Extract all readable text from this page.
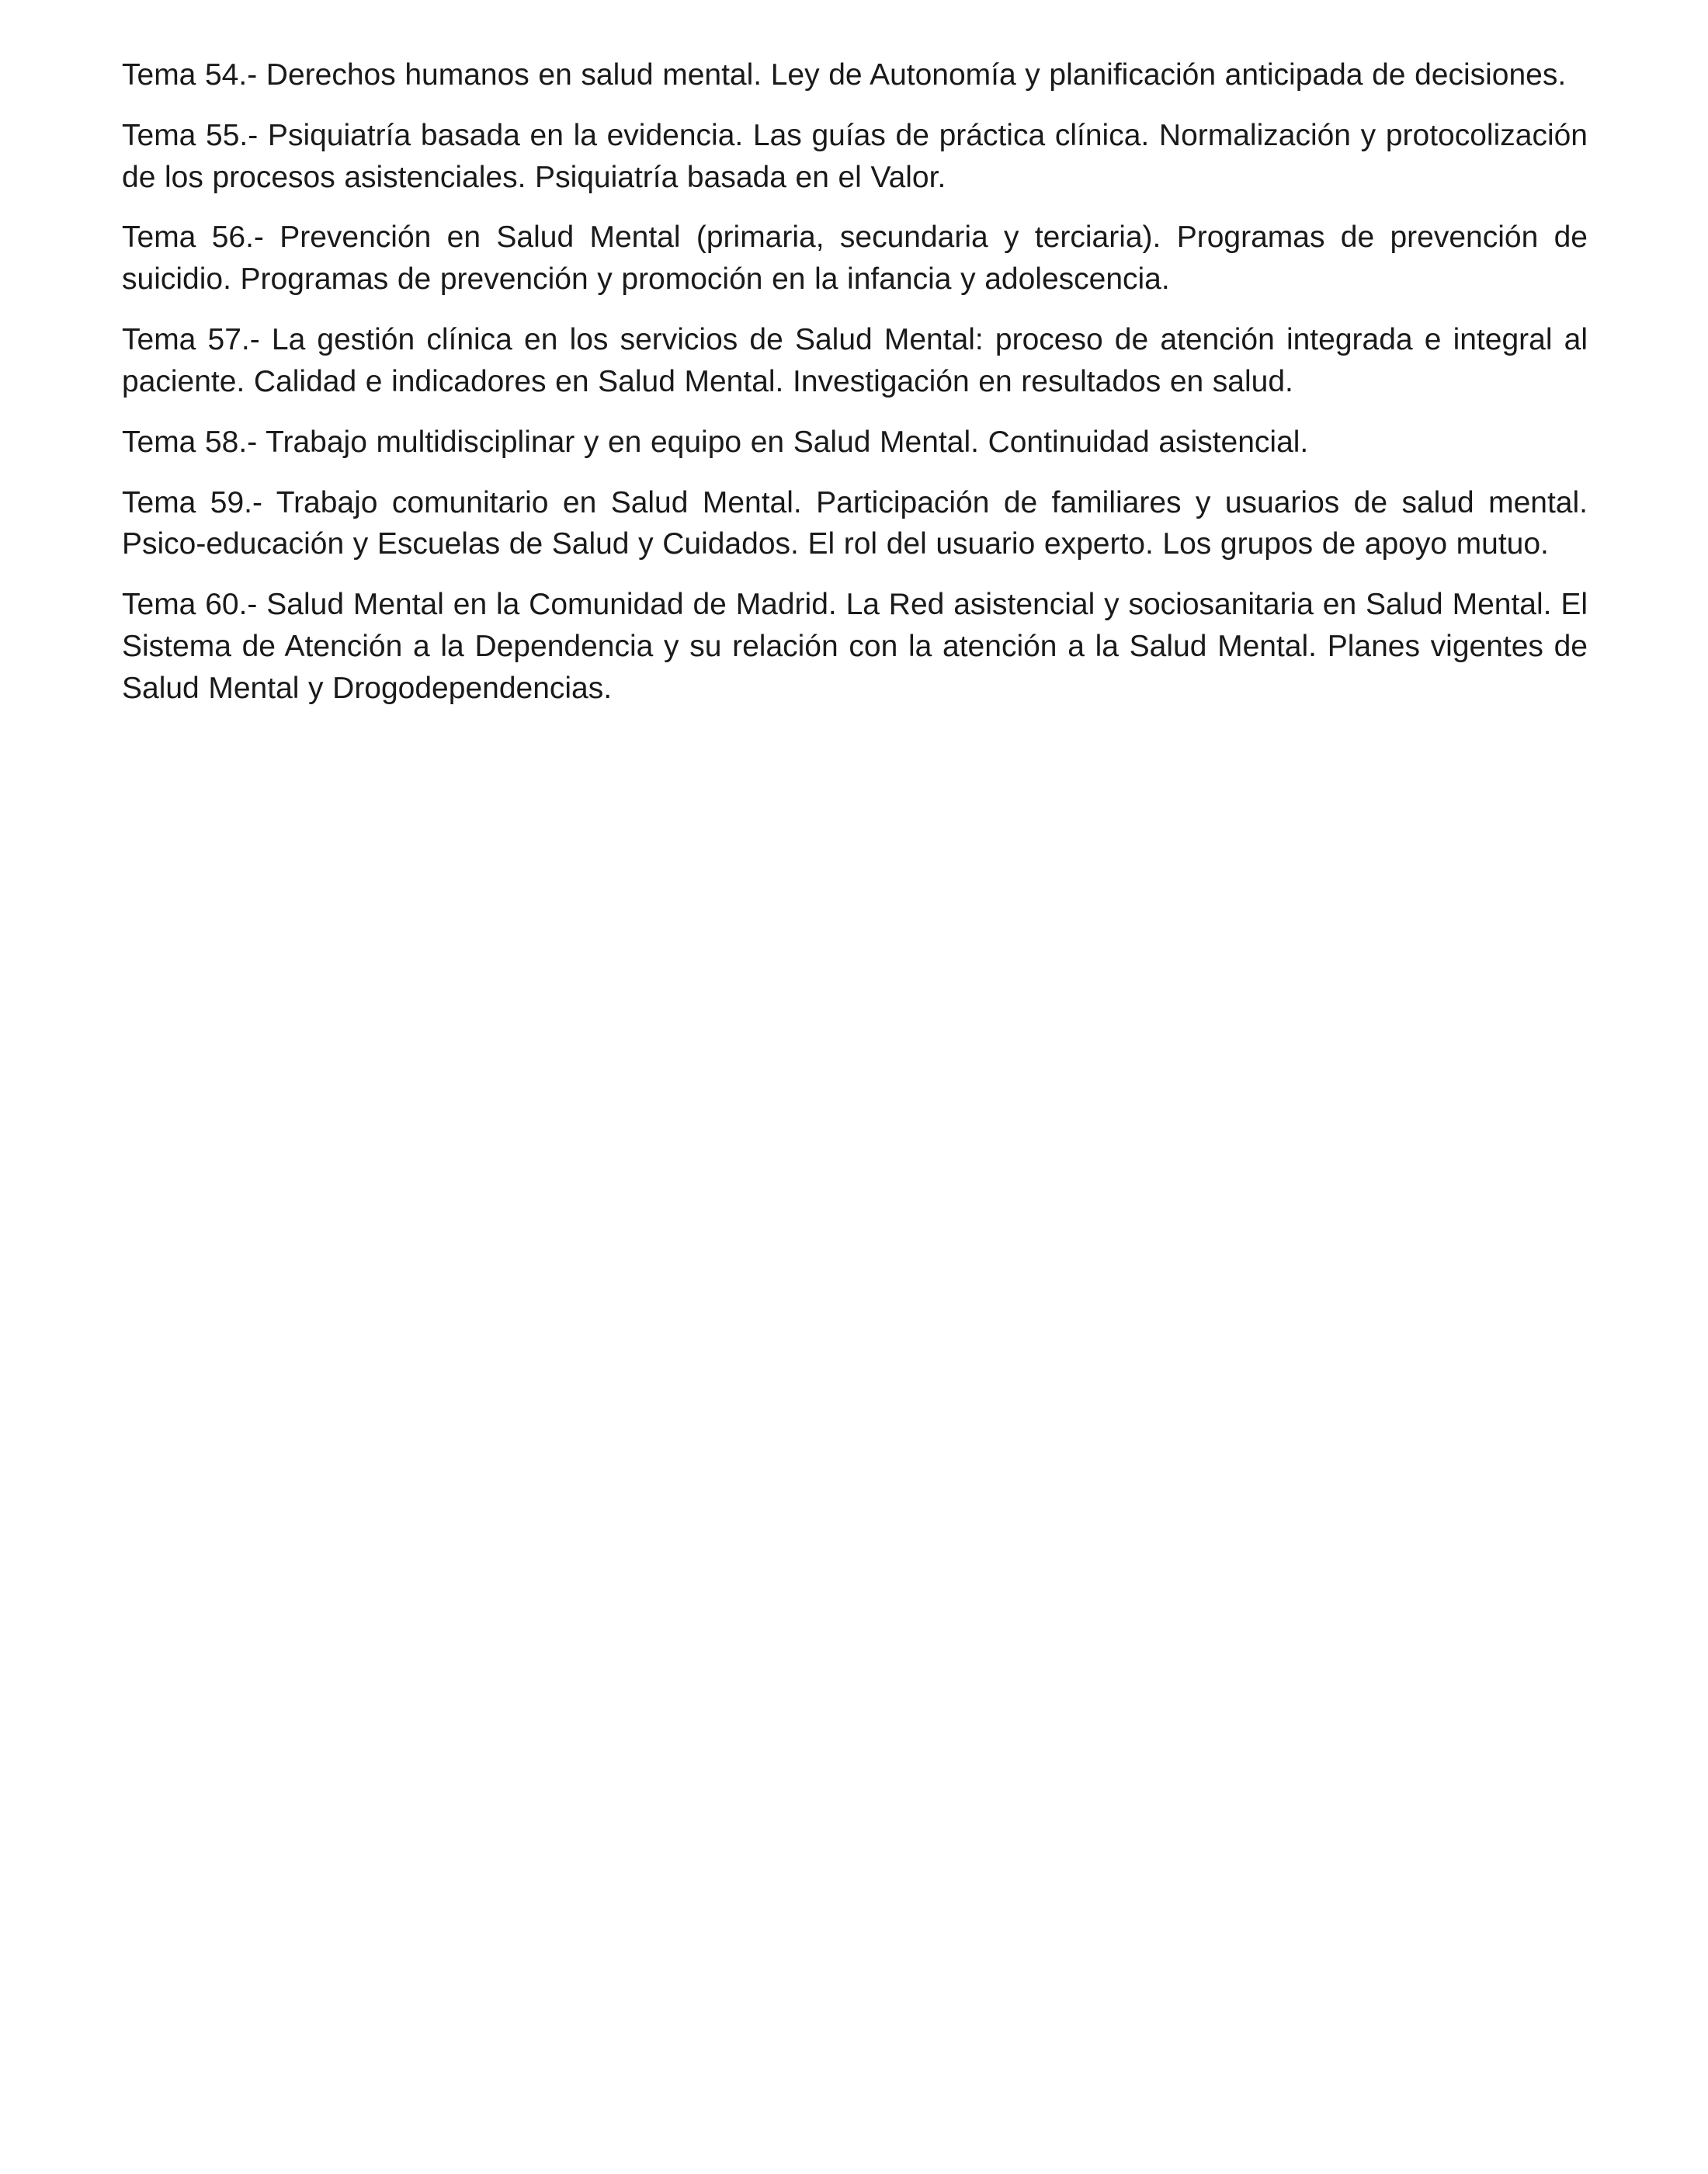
Tema 54.- Derechos humanos en salud mental. Ley de Autonomía y planificación anticipada de decisiones.

Tema 55.- Psiquiatría basada en la evidencia. Las guías de práctica clínica. Normalización y protocolización de los procesos asistenciales. Psiquiatría basada en el Valor.

Tema 56.- Prevención en Salud Mental (primaria, secundaria y terciaria). Programas de prevención de suicidio. Programas de prevención y promoción en la infancia y adolescencia.

Tema 57.- La gestión clínica en los servicios de Salud Mental: proceso de atención integrada e integral al paciente. Calidad e indicadores en Salud Mental. Investigación en resultados en salud.

Tema 58.- Trabajo multidisciplinar y en equipo en Salud Mental. Continuidad asistencial.

Tema 59.- Trabajo comunitario en Salud Mental. Participación de familiares y usuarios de salud mental. Psico-educación y Escuelas de Salud y Cuidados. El rol del usuario experto. Los grupos de apoyo mutuo.

Tema 60.- Salud Mental en la Comunidad de Madrid. La Red asistencial y sociosanitaria en Salud Mental. El Sistema de Atención a la Dependencia y su relación con la atención a la Salud Mental. Planes vigentes de Salud Mental y Drogodependencias.
